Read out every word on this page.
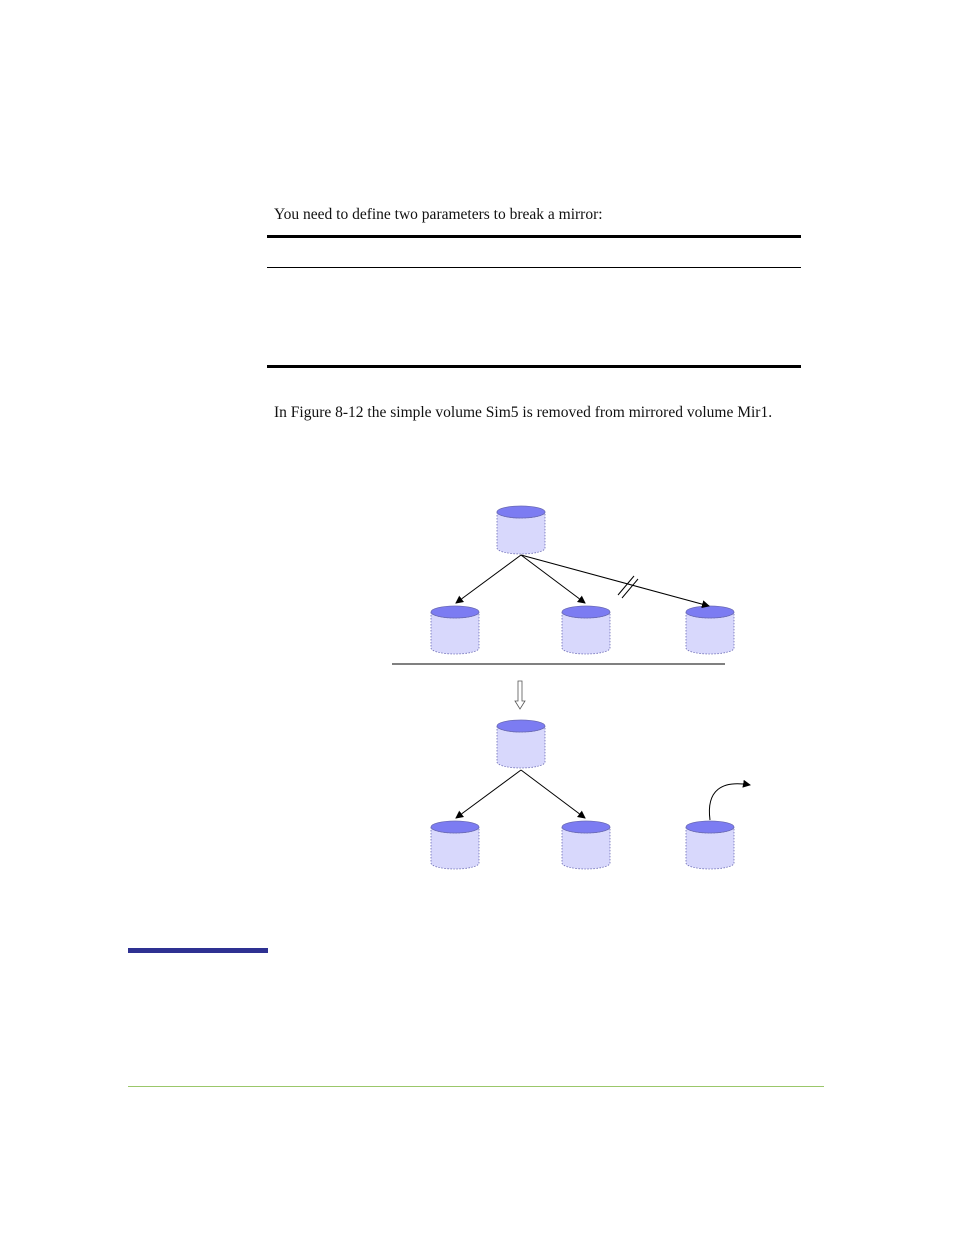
You need to define two parameters to break a mirror:
In Figure 8-12 the simple volume Sim5 is removed from mirrored volume Mir1.
